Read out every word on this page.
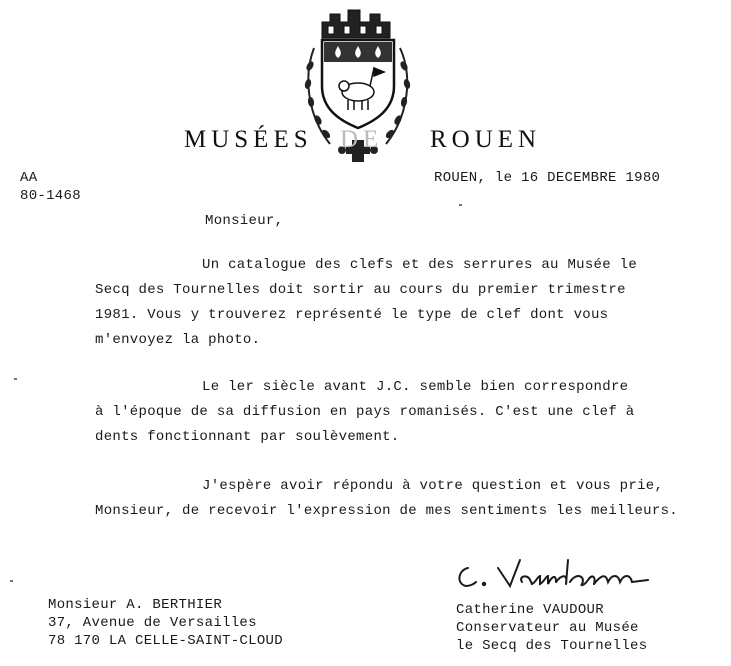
MUSÉES DE ROUEN
AA
80-1468
ROUEN, le 16 DECEMBRE 1980
Monsieur,
Un catalogue des clefs et des serrures au Musée le
Secq des Tournelles doit sortir au cours du premier trimestre
1981. Vous y trouverez représenté le type de clef dont vous
m'envoyez la photo.
Le ler siècle avant J.C. semble bien correspondre
à l'époque de sa diffusion en pays romanisés. C'est une clef à
dents fonctionnant par soulèvement.
J'espère avoir répondu à votre question et vous prie,
Monsieur, de recevoir l'expression de mes sentiments les meilleurs.
Monsieur A. BERTHIER
37, Avenue de Versailles
78 170 LA CELLE-SAINT-CLOUD
Catherine VAUDOUR
Conservateur au Musée
le Secq des Tournelles
